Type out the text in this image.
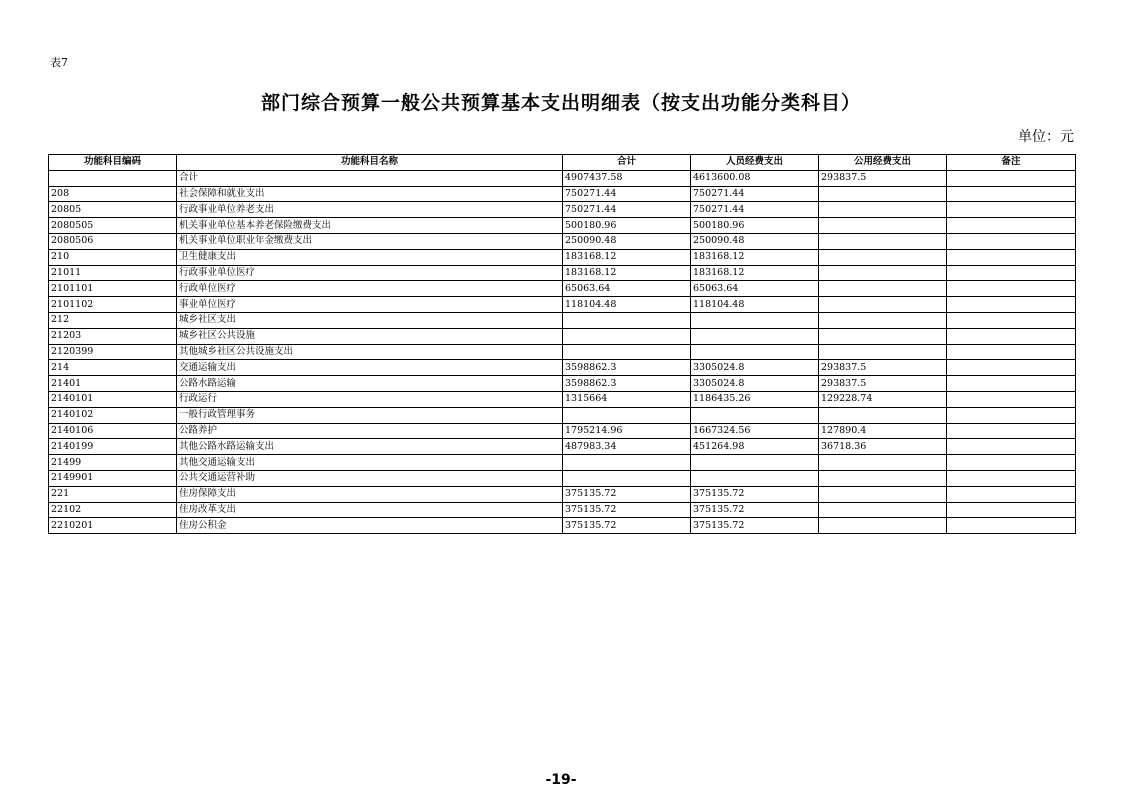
表7
部门综合预算一般公共预算基本支出明细表（按支出功能分类科目）
单位：元
功能科目编码	功能科目名称	合计	人员经费支出	公用经费支出	备注
	合计	4907437.58	4613600.08	293837.5	
208	社会保障和就业支出	750271.44	750271.44		
20805	行政事业单位养老支出	750271.44	750271.44		
2080505	机关事业单位基本养老保险缴费支出	500180.96	500180.96		
2080506	机关事业单位职业年金缴费支出	250090.48	250090.48		
210	卫生健康支出	183168.12	183168.12		
21011	行政事业单位医疗	183168.12	183168.12		
2101101	行政单位医疗	65063.64	65063.64		
2101102	事业单位医疗	118104.48	118104.48		
212	城乡社区支出				
21203	城乡社区公共设施				
2120399	其他城乡社区公共设施支出				
214	交通运输支出	3598862.3	3305024.8	293837.5	
21401	公路水路运输	3598862.3	3305024.8	293837.5	
2140101	行政运行	1315664	1186435.26	129228.74	
2140102	一般行政管理事务				
2140106	公路养护	1795214.96	1667324.56	127890.4	
2140199	其他公路水路运输支出	487983.34	451264.98	36718.36	
21499	其他交通运输支出				
2149901	公共交通运营补助				
221	住房保障支出	375135.72	375135.72		
22102	住房改革支出	375135.72	375135.72		
2210201	住房公积金	375135.72	375135.72		
-19-
